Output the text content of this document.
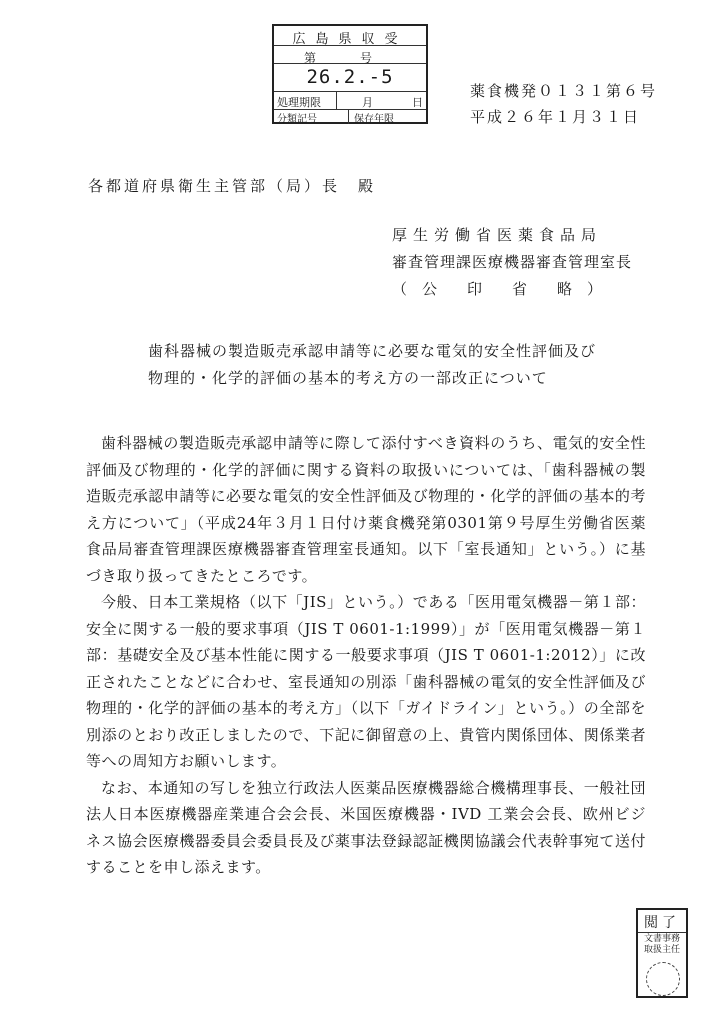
広島県収受
第号
26.2.-5
処理期限	月	日
分類記号	保存年限
薬食機発０１３１第６号
平成２６年１月３１日
各都道府県衛生主管部（局）長　殿
厚生労働省医薬食品局
審査管理課医療機器審査管理室長
（　公　　印　　省　　略　）
歯科器械の製造販売承認申請等に必要な電気的安全性評価及び
物理的・化学的評価の基本的考え方の一部改正について

歯科器械の製造販売承認申請等に際して添付すべき資料のうち、電気的安全性評価及び物理的・化学的評価に関する資料の取扱いについては、「歯科器械の製造販売承認申請等に必要な電気的安全性評価及び物理的・化学的評価の基本的考え方について」（平成24年３月１日付け薬食機発第0301第９号厚生労働省医薬食品局審査管理課医療機器審査管理室長通知。以下「室長通知」という。）に基づき取り扱ってきたところです。

今般、日本工業規格（以下「JIS」という。）である「医用電気機器－第１部：安全に関する一般的要求事項（JIS T 0601-1:1999）」が「医用電気機器－第１部：基礎安全及び基本性能に関する一般要求事項（JIS T 0601-1:2012）」に改正されたことなどに合わせ、室長通知の別添「歯科器械の電気的安全性評価及び物理的・化学的評価の基本的考え方」（以下「ガイドライン」という。）の全部を別添のとおり改正しましたので、下記に御留意の上、貴管内関係団体、関係業者等への周知方お願いします。

なお、本通知の写しを独立行政法人医薬品医療機器総合機構理事長、一般社団法人日本医療機器産業連合会会長、米国医療機器・IVD 工業会会長、欧州ビジネス協会医療機器委員会委員長及び薬事法登録認証機関協議会代表幹事宛て送付することを申し添えます。

閲了
文書事務取扱主任
